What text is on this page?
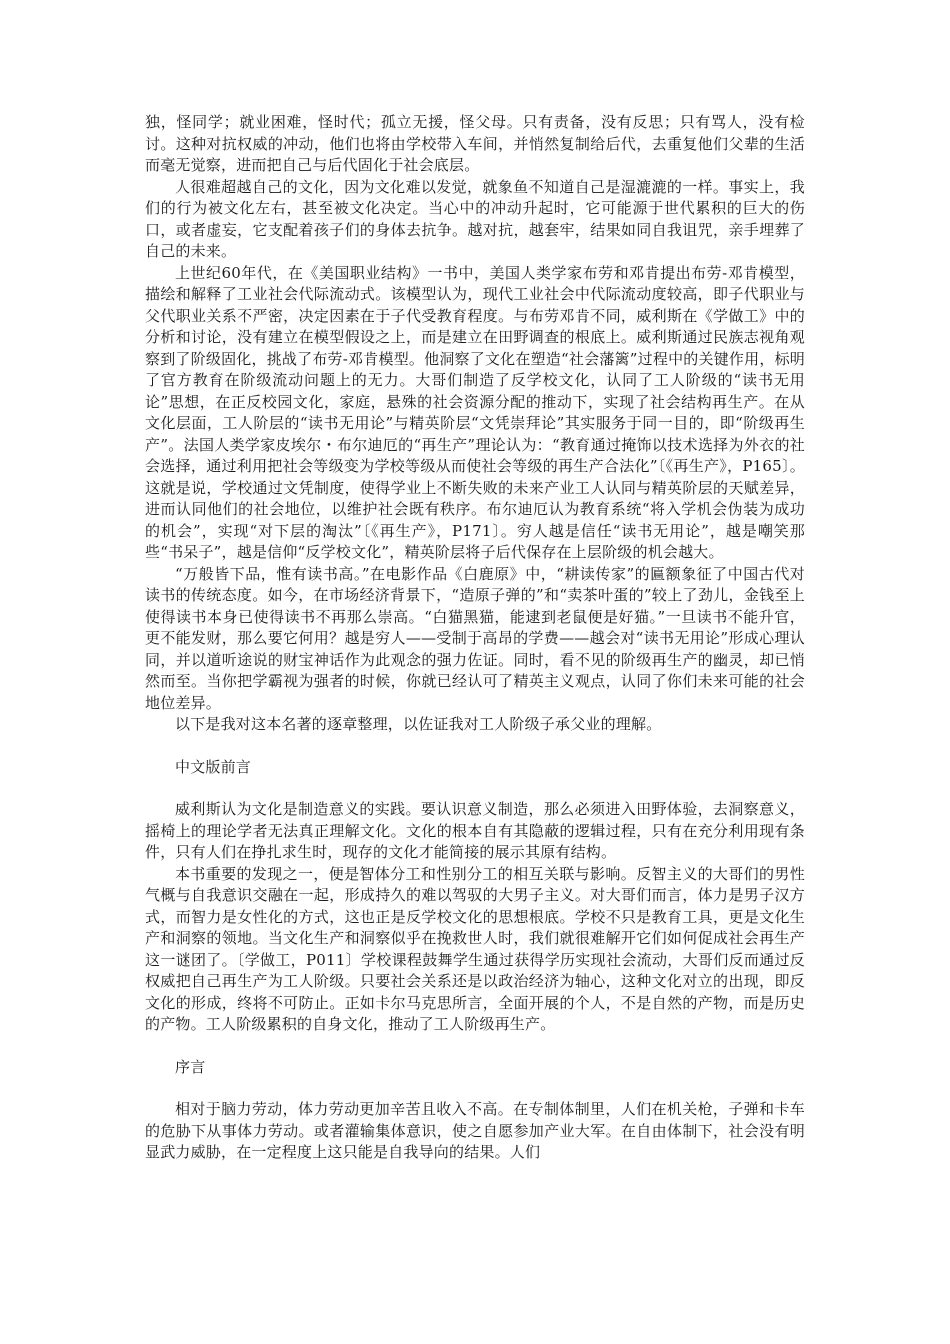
独，怪同学；就业困难，怪时代；孤立无援，怪父母。只有责备，没有反思；只有骂人，没有检讨。这种对抗权威的冲动，他们也将由学校带入车间，并悄然复制给后代，去重复他们父辈的生活而毫无觉察，进而把自己与后代固化于社会底层。

人很难超越自己的文化，因为文化难以发觉，就象鱼不知道自己是湿漉漉的一样。事实上，我们的行为被文化左右，甚至被文化决定。当心中的冲动升起时，它可能源于世代累积的巨大的伤口，或者虚妄，它支配着孩子们的身体去抗争。越对抗，越套牢，结果如同自我诅咒，亲手埋葬了自己的未来。

上世纪60年代，在《美国职业结构》一书中，美国人类学家布劳和邓肯提出布劳-邓肯模型，描绘和解释了工业社会代际流动式。该模型认为，现代工业社会中代际流动度较高，即子代职业与父代职业关系不严密，决定因素在于子代受教育程度。与布劳邓肯不同，威利斯在《学做工》中的分析和讨论，没有建立在模型假设之上，而是建立在田野调查的根底上。威利斯通过民族志视角观察到了阶级固化，挑战了布劳-邓肯模型。他洞察了文化在塑造“社会藩篱”过程中的关键作用，标明了官方教育在阶级流动问题上的无力。大哥们制造了反学校文化，认同了工人阶级的“读书无用论”思想，在正反校园文化，家庭，悬殊的社会资源分配的推动下，实现了社会结构再生产。在从文化层面，工人阶层的“读书无用论”与精英阶层“文凭崇拜论”其实服务于同一目的，即“阶级再生产”。法国人类学家皮埃尔・布尔迪厄的“再生产”理论认为：“教育通过掩饰以技术选择为外衣的社会选择，通过利用把社会等级变为学校等级从而使社会等级的再生产合法化”〔《再生产》，P165〕。这就是说，学校通过文凭制度，使得学业上不断失败的未来产业工人认同与精英阶层的天赋差异，进而认同他们的社会地位，以维护社会既有秩序。布尔迪厄认为教育系统“将入学机会伪装为成功的机会”，实现“对下层的淘汰”〔《再生产》，P171〕。穷人越是信任“读书无用论”，越是嘲笑那些“书呆子”，越是信仰“反学校文化”，精英阶层将子后代保存在上层阶级的机会越大。

“万般皆下品，惟有读书高。”在电影作品《白鹿原》中，“耕读传家”的匾额象征了中国古代对读书的传统态度。如今，在市场经济背景下，“造原子弹的”和“卖茶叶蛋的”较上了劲儿，金钱至上使得读书本身已使得读书不再那么崇高。“白猫黑猫，能逮到老鼠便是好猫。”一旦读书不能升官，更不能发财，那么要它何用？越是穷人——受制于高昂的学费——越会对“读书无用论”形成心理认同，并以道听途说的财宝神话作为此观念的强力佐证。同时，看不见的阶级再生产的幽灵，却已悄然而至。当你把学霸视为强者的时候，你就已经认可了精英主义观点，认同了你们未来可能的社会地位差异。

以下是我对这本名著的逐章整理，以佐证我对工人阶级子承父业的理解。

中文版前言

威利斯认为文化是制造意义的实践。要认识意义制造，那么必须进入田野体验，去洞察意义，摇椅上的理论学者无法真正理解文化。文化的根本自有其隐蔽的逻辑过程，只有在充分利用现有条件，只有人们在挣扎求生时，现存的文化才能简接的展示其原有结构。

本书重要的发现之一，便是智体分工和性别分工的相互关联与影响。反智主义的大哥们的男性气概与自我意识交融在一起，形成持久的难以驾驭的大男子主义。对大哥们而言，体力是男子汉方式，而智力是女性化的方式，这也正是反学校文化的思想根底。学校不只是教育工具，更是文化生产和洞察的领地。当文化生产和洞察似乎在挽救世人时，我们就很难解开它们如何促成社会再生产这一谜团了。〔学做工，P011〕学校课程鼓舞学生通过获得学历实现社会流动，大哥们反而通过反权威把自己再生产为工人阶级。只要社会关系还是以政治经济为轴心，这种文化对立的出现，即反文化的形成，终将不可防止。正如卡尔马克思所言，全面开展的个人，不是自然的产物，而是历史的产物。工人阶级累积的自身文化，推动了工人阶级再生产。

序言

相对于脑力劳动，体力劳动更加辛苦且收入不高。在专制体制里，人们在机关枪，子弹和卡车的危胁下从事体力劳动。或者灌输集体意识，使之自愿参加产业大军。在自由体制下，社会没有明显武力威胁，在一定程度上这只能是自我导向的结果。人们
